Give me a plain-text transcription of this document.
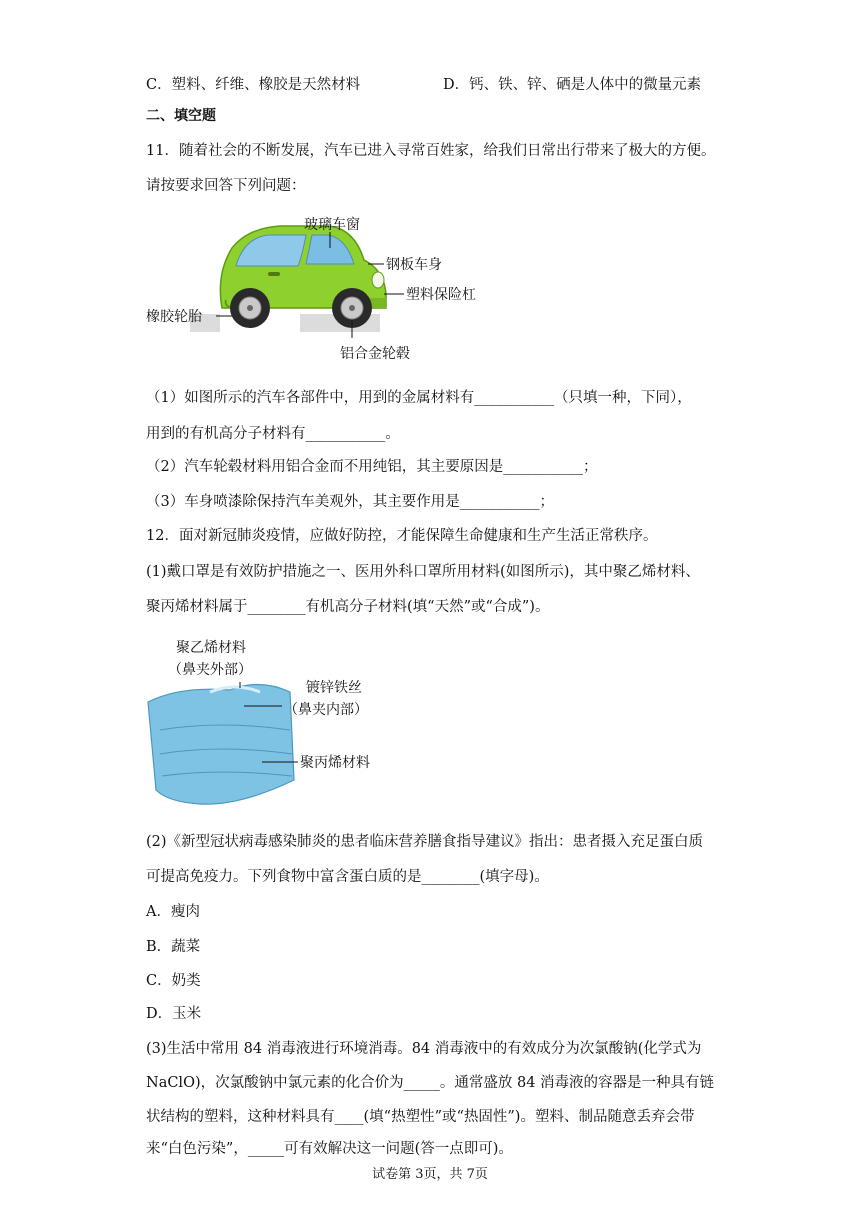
C．塑料、纤维、橡胶是天然材料	D．钙、铁、锌、硒是人体中的微量元素
二、填空题
11．随着社会的不断发展，汽车已进入寻常百姓家，给我们日常出行带来了极大的方便。
请按要求回答下列问题：
玻璃车窗
钢板车身
塑料保险杠
橡胶轮胎
铝合金轮毂
（1）如图所示的汽车各部件中，用到的金属材料有___________（只填一种，下同），
用到的有机高分子材料有___________。
（2）汽车轮毂材料用铝合金而不用纯铝，其主要原因是___________；
（3）车身喷漆除保持汽车美观外，其主要作用是___________；
12．面对新冠肺炎疫情，应做好防控，才能保障生命健康和生产生活正常秩序。
(1)戴口罩是有效防护措施之一、医用外科口罩所用材料(如图所示)，其中聚乙烯材料、
聚丙烯材料属于________有机高分子材料(填“天然”或“合成”)。
聚乙烯材料
（鼻夹外部）
镀锌铁丝
（鼻夹内部）
聚丙烯材料
(2)《新型冠状病毒感染肺炎的患者临床营养膳食指导建议》指出：患者摄入充足蛋白质
可提高免疫力。下列食物中富含蛋白质的是________(填字母)。
A．瘦肉
B．蔬菜
C．奶类
D．玉米
(3)生活中常用 84 消毒液进行环境消毒。84 消毒液中的有效成分为次氯酸钠(化学式为
NaClO)，次氯酸钠中氯元素的化合价为_____。通常盛放 84 消毒液的容器是一种具有链
状结构的塑料，这种材料具有____(填“热塑性”或“热固性”)。塑料、制品随意丢弃会带
来“白色污染”，_____可有效解决这一问题(答一点即可)。
试卷第 3页，共 7页
